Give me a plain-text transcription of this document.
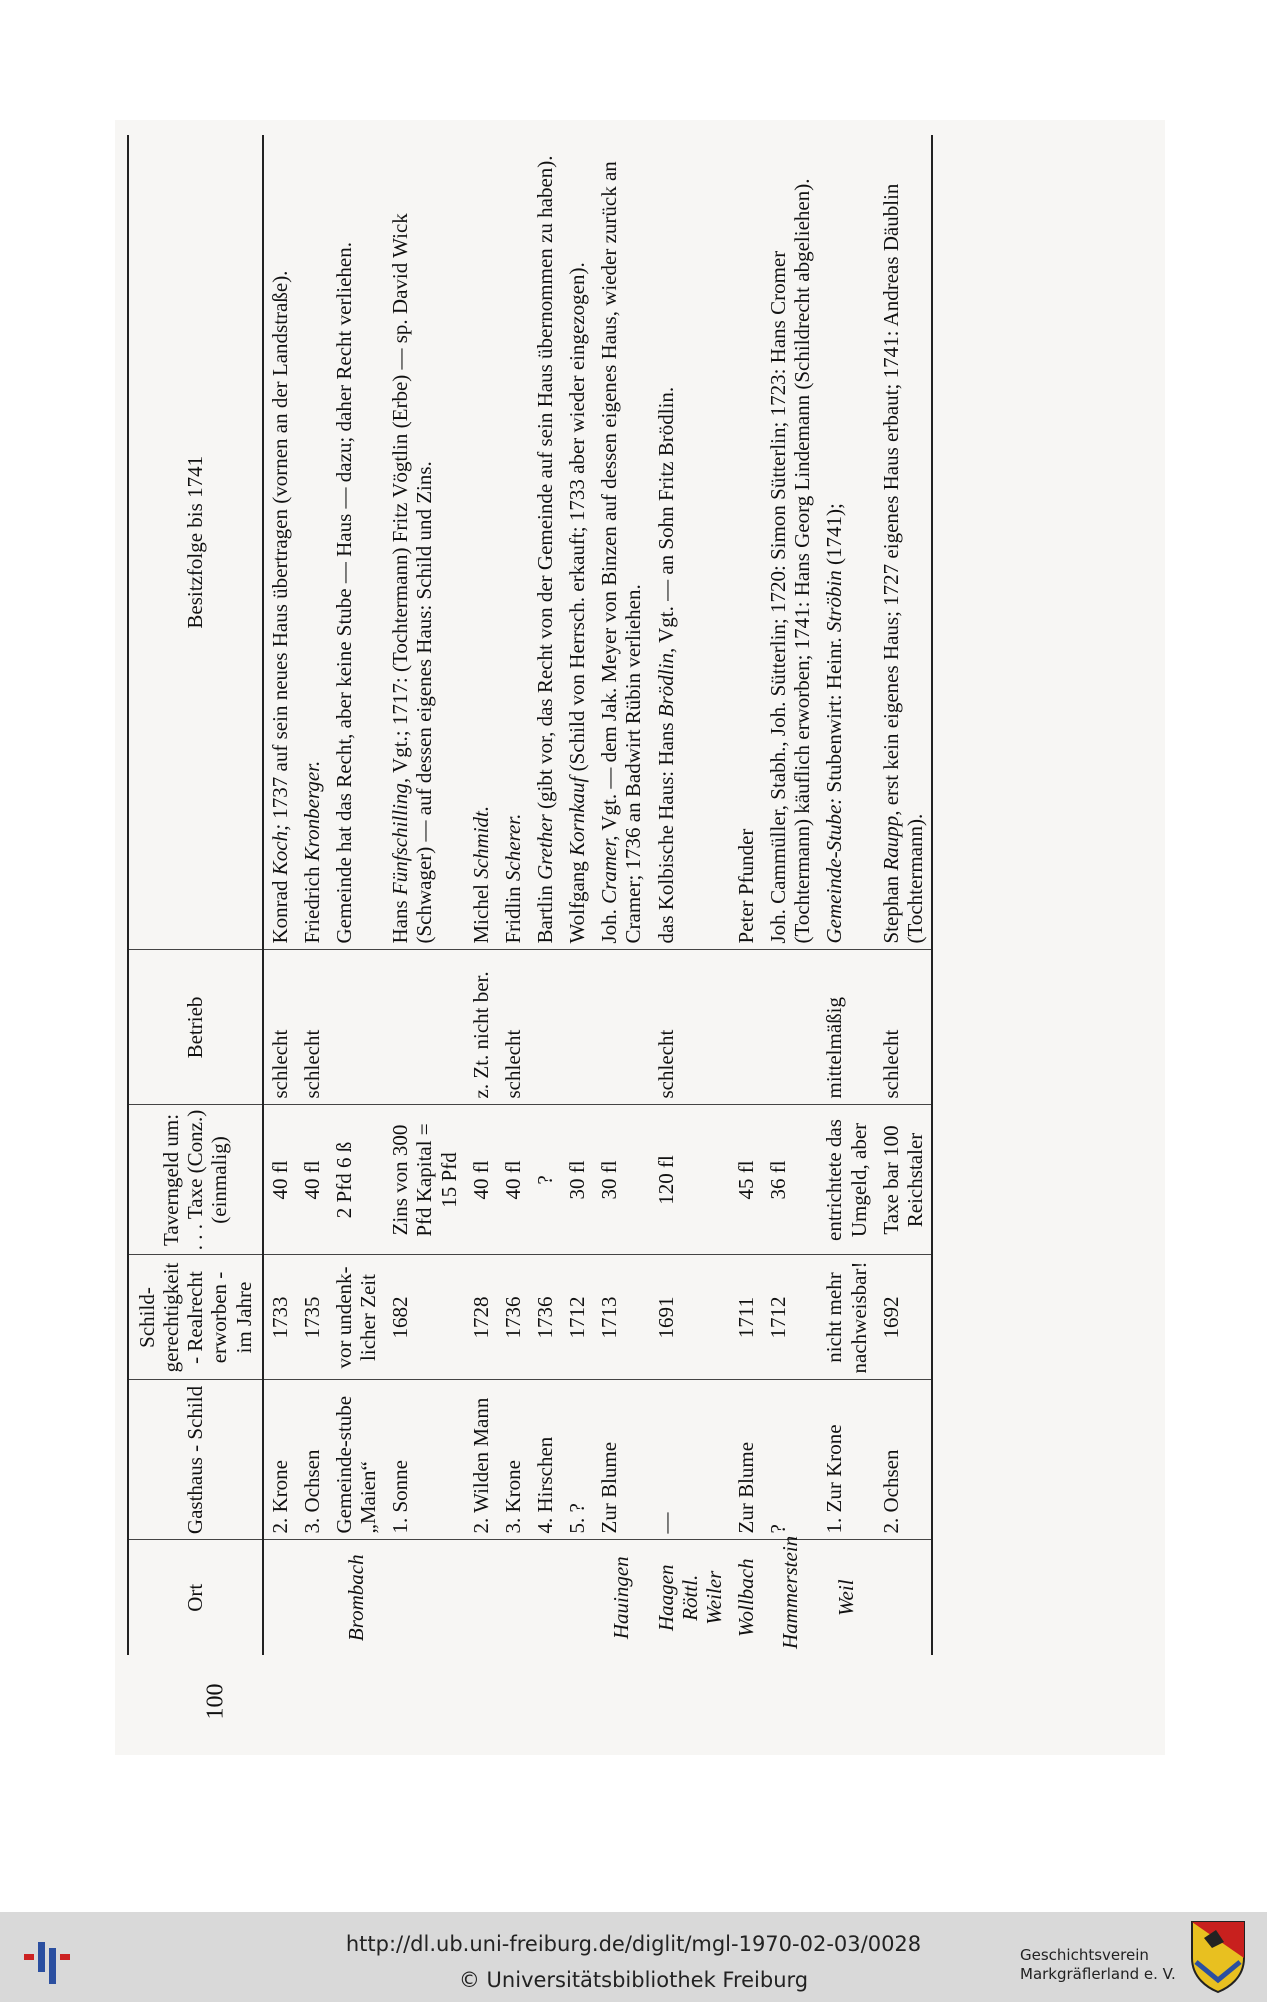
Ort	Gasthaus - Schild	Schild-gerechtigkeit - Realrecht erworben - im Jahre	Taverngeld um: . . . Taxe (Conz.) (einmalig)	Betrieb	Besitzfolge bis 1741
	2. Krone	1733	40 fl	schlecht	Konrad Koch; 1737 auf sein neues Haus übertragen (vornen an der Landstraße).
	3. Ochsen	1735	40 fl	schlecht	Friedrich Kronberger.
Brombach	Gemeinde-stube „Maien“	vor undenk-licher Zeit	2 Pfd 6 ß		Gemeinde hat das Recht, aber keine Stube — Haus — dazu; daher Recht verliehen.
	1. Sonne	1682	Zins von 300 Pfd Kapital = 15 Pfd		Hans Fünfschilling, Vgt.; 1717: (Tochtermann) Fritz Vögtlin (Erbe) — sp. David Wick (Schwager) — auf dessen eigenes Haus: Schild und Zins.
	2. Wilden Mann	1728	40 fl	z. Zt. nicht ber.	Michel Schmidt.
	3. Krone	1736	40 fl	schlecht	Fridlin Scherer.
	4. Hirschen	1736	?		Bartlin Grether (gibt vor, das Recht von der Gemeinde auf sein Haus übernommen zu haben).
	5. ?	1712	30 fl		Wolfgang Kornkauf (Schild von Herrsch. erkauft; 1733 aber wieder eingezogen).
Hauingen	Zur Blume	1713	30 fl		Joh. Cramer, Vgt. — dem Jak. Meyer von Binzen auf dessen eigenes Haus, wieder zurück an Cramer; 1736 an Badwirt Rübin verliehen.
Haagen Röttl. Weiler	—	1691	120 fl	schlecht	das Kolbische Haus: Hans Brödlin, Vgt. — an Sohn Fritz Brödlin.
Wollbach	Zur Blume	1711	45 fl		Peter Pfunder
Hammerstein	?	1712	36 fl		Joh. Cammüller, Stabh., Joh. Sütterlin; 1720: Simon Sütterlin; 1723: Hans Cromer (Tochtermann) käuflich erworben; 1741: Hans Georg Lindemann (Schildrecht abgeliehen).
Weil	1. Zur Krone	nicht mehr nachweisbar!	entrichtete das Umgeld, aber	mittelmäßig	Gemeinde-Stube: Stubenwirt: Heinr. Ströbin (1741);
	2. Ochsen	1692	Taxe bar 100 Reichstaler	schlecht	Stephan Raupp, erst kein eigenes Haus; 1727 eigenes Haus erbaut; 1741: Andreas Däublin (Tochtermann).
100
http://dl.ub.uni-freiburg.de/diglit/mgl-1970-02-03/0028
© Universitätsbibliothek Freiburg
Geschichtsverein
Markgräflerland e. V.
